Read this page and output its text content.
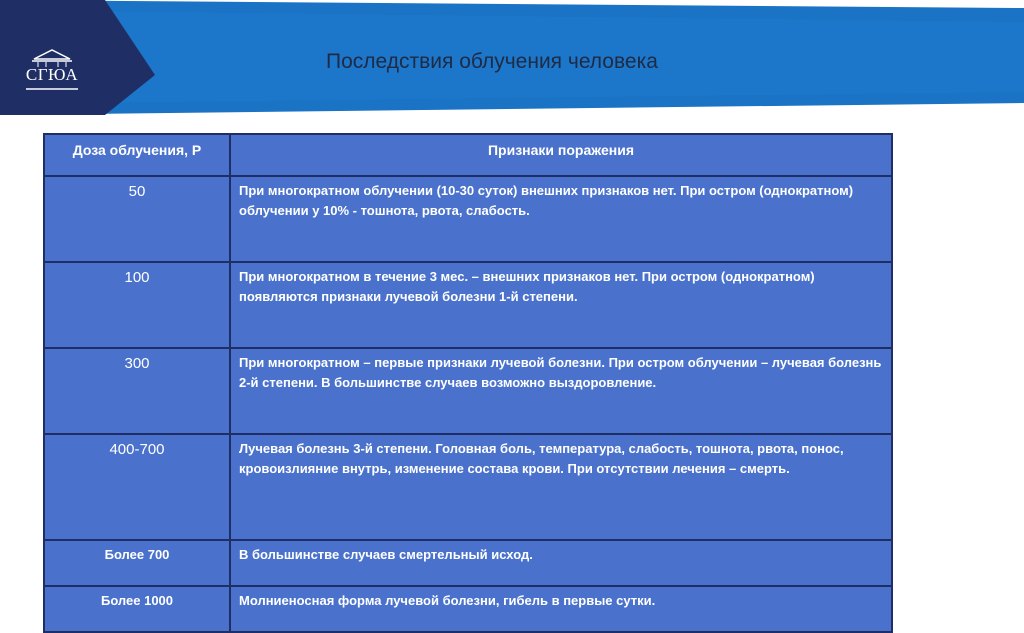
СГЮА
Последствия облучения человека
Доза облучения, Р	Признаки поражения
50	При многократном облучении (10-30 суток) внешних признаков нет. При остром (однократном) облучении у 10% - тошнота, рвота, слабость.
100	При многократном в течение 3 мес. – внешних признаков нет. При остром (однократном) появляются признаки лучевой болезни 1-й степени.
300	При многократном – первые признаки лучевой болезни. При остром облучении – лучевая болезнь 2-й степени. В большинстве случаев возможно выздоровление.
400-700	Лучевая болезнь 3-й степени. Головная боль, температура, слабость, тошнота, рвота, понос, кровоизлияние внутрь, изменение состава крови. При отсутствии лечения – смерть.
Более 700	В большинстве случаев смертельный исход.
Более 1000	Молниеносная форма лучевой болезни, гибель в первые сутки.
